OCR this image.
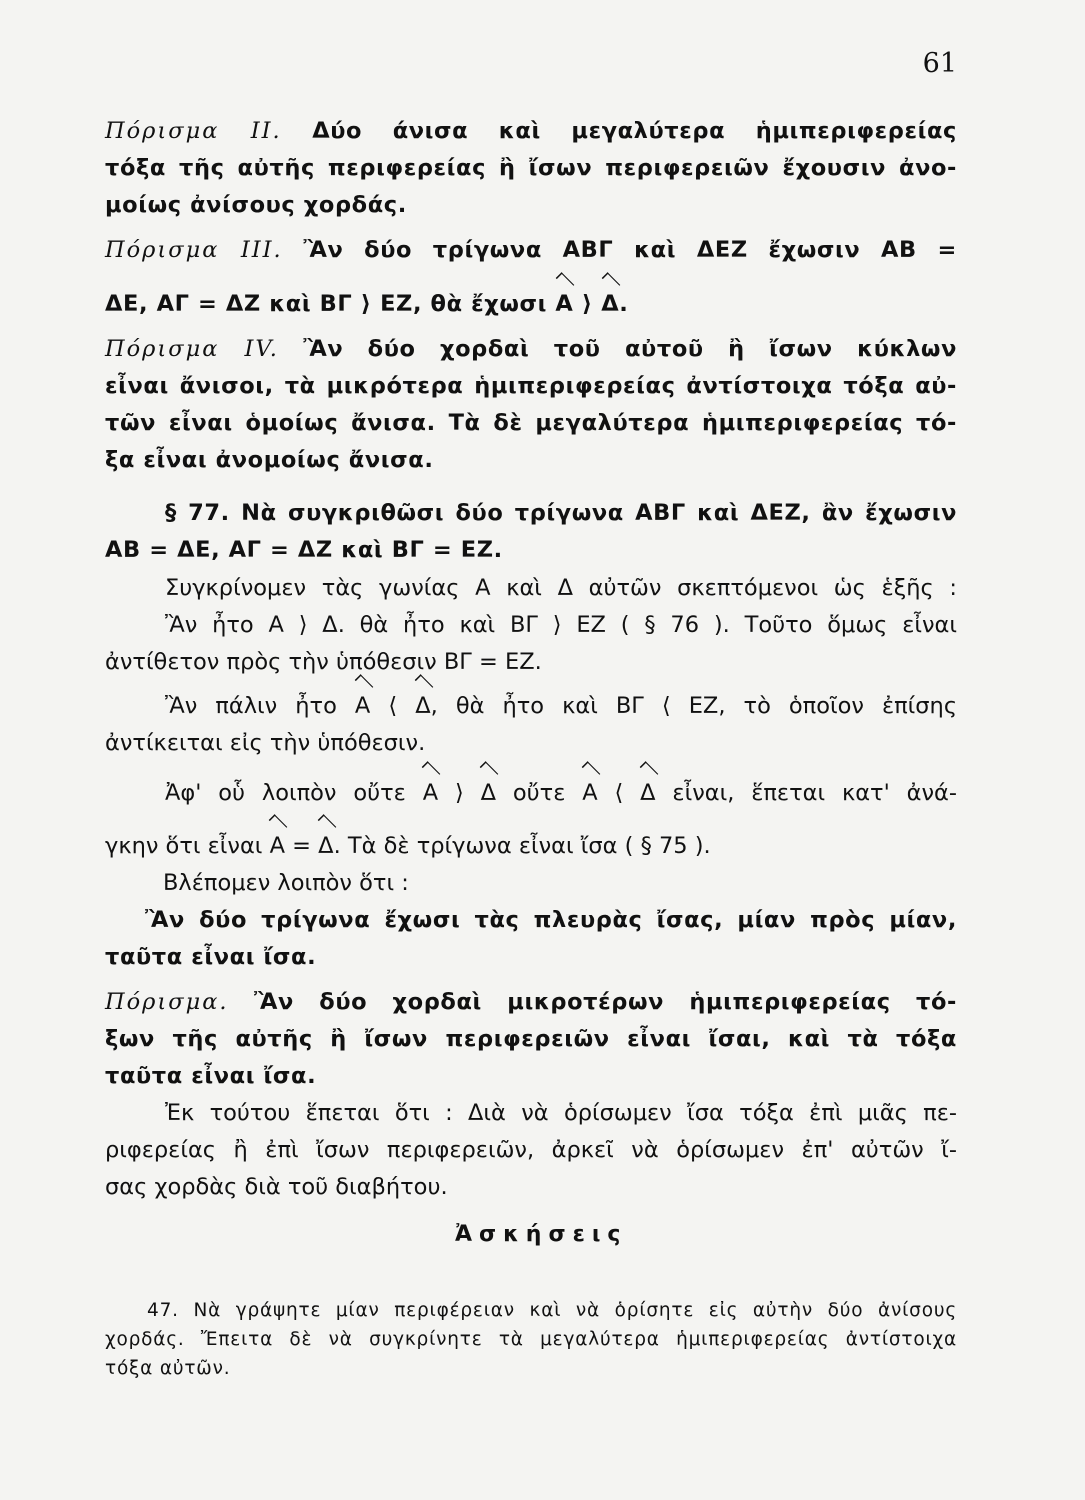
61
Πόρισμα ΙΙ. Δύο άνισα καὶ μεγαλύτερα ἡμιπεριφερείας
τόξα τῆς αὐτῆς περιφερείας ἢ ἴσων περιφερειῶν ἔχουσιν ἀνο-
μοίως ἀνίσους χορδάς.
Πόρισμα ΙΙΙ. Ἂν δύο τρίγωνα ΑΒΓ καὶ ΔΕΖ ἔχωσιν ΑΒ =
ΔΕ, ΑΓ = ΔΖ καὶ ΒΓ ⟩ ΕΖ, θὰ ἔχωσι Α ⟩ Δ.
Πόρισμα IV. Ἂν δύο χορδαὶ τοῦ αὐτοῦ ἢ ἴσων κύκλων
εἶναι ἄνισοι, τὰ μικρότερα ἡμιπεριφερείας ἀντίστοιχα τόξα αὐ-
τῶν εἶναι ὁμοίως ἄνισα. Τὰ δὲ μεγαλύτερα ἡμιπεριφερείας τό-
ξα εἶναι ἀνομοίως ἄνισα.
§ 77. Νὰ συγκριθῶσι δύο τρίγωνα ΑΒΓ καὶ ΔΕΖ, ἂν ἔχωσιν
ΑΒ = ΔΕ, ΑΓ = ΔΖ καὶ ΒΓ = ΕΖ.
Συγκρίνομεν τὰς γωνίας Α καὶ Δ αὐτῶν σκεπτόμενοι ὡς ἑξῆς :
Ἂν ἦτο Α ⟩ Δ. θὰ ἦτο καὶ ΒΓ ⟩ ΕΖ ( § 76 ). Τοῦτο ὅμως εἶναι
ἀντίθετον πρὸς τὴν ὑπόθεσιν ΒΓ = ΕΖ.
Ἂν πάλιν ἦτο Α ⟨ Δ, θὰ ἦτο καὶ ΒΓ ⟨ ΕΖ, τὸ ὁποῖον ἐπίσης
ἀντίκειται εἰς τὴν ὑπόθεσιν.
Ἀφ' οὗ λοιπὸν οὔτε Α ⟩ Δ οὔτε Α ⟨ Δ εἶναι, ἕπεται κατ' ἀνά-
γκην ὅτι εἶναι Α = Δ. Τὰ δὲ τρίγωνα εἶναι ἴσα ( § 75 ).
Βλέπομεν λοιπὸν ὅτι :
Ἂν δύο τρίγωνα ἔχωσι τὰς πλευρὰς ἴσας, μίαν πρὸς μίαν,
ταῦτα εἶναι ἴσα.
Πόρισμα. Ἂν δύο χορδαὶ μικροτέρων ἡμιπεριφερείας τό-
ξων τῆς αὐτῆς ἢ ἴσων περιφερειῶν εἶναι ἴσαι, καὶ τὰ τόξα
ταῦτα εἶναι ἴσα.
Ἐκ τούτου ἕπεται ὅτι : Διὰ νὰ ὁρίσωμεν ἴσα τόξα ἐπὶ μιᾶς πε-
ριφερείας ἢ ἐπὶ ἴσων περιφερειῶν, ἀρκεῖ νὰ ὁρίσωμεν ἐπ' αὐτῶν ἴ-
σας χορδὰς διὰ τοῦ διαβήτου.
Ἀσκήσεις
47. Νὰ γράψητε μίαν περιφέρειαν καὶ νὰ ὁρίσητε εἰς αὐτὴν δύο ἀνίσους
χορδάς. Ἔπειτα δὲ νὰ συγκρίνητε τὰ μεγαλύτερα ἡμιπεριφερείας ἀντίστοιχα
τόξα αὐτῶν.
